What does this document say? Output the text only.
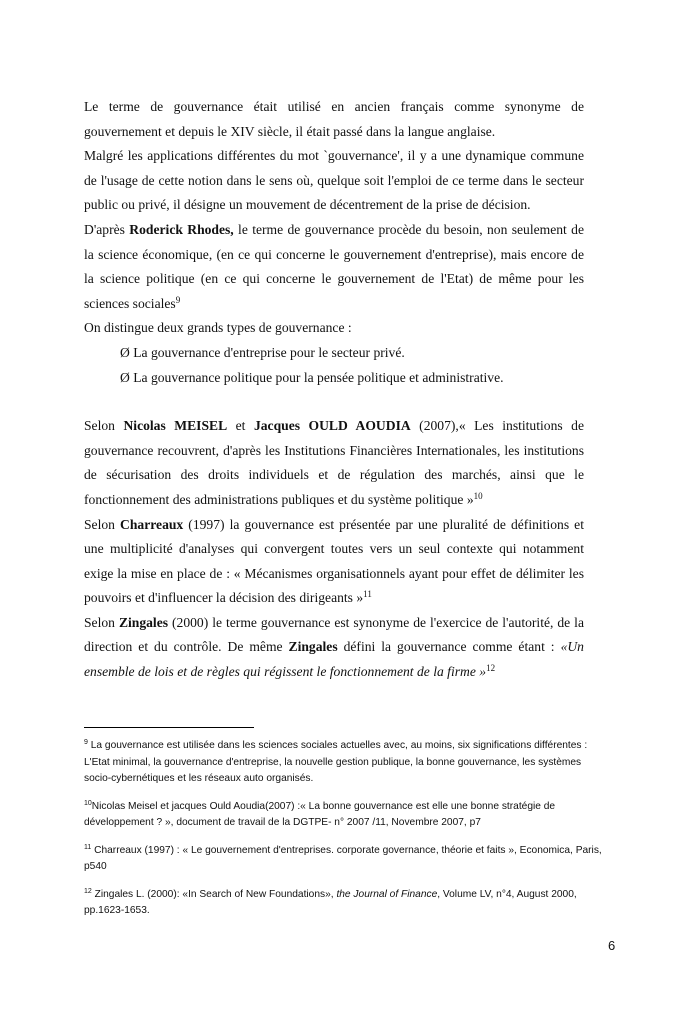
Le terme de gouvernance était utilisé en ancien français comme synonyme de gouvernement et depuis le XIV siècle, il était passé dans la langue anglaise.

Malgré les applications différentes du mot `gouvernance', il y a une dynamique commune de l'usage de cette notion dans le sens où, quelque soit l'emploi de ce terme dans le secteur public ou privé, il désigne un mouvement de décentrement de la prise de décision.

D'après Roderick Rhodes, le terme de gouvernance procède du besoin, non seulement de la science économique, (en ce qui concerne le gouvernement d'entreprise), mais encore de la science politique (en ce qui concerne le gouvernement de l'Etat) de même pour les sciences sociales$^9$

On distingue deux grands types de gouvernance :

Ø La gouvernance d'entreprise pour le secteur privé.

Ø La gouvernance politique pour la pensée politique et administrative.

Selon Nicolas MEISEL et Jacques OULD AOUDIA (2007),« Les institutions de gouvernance recouvrent, d'après les Institutions Financières Internationales, les institutions de sécurisation des droits individuels et de régulation des marchés, ainsi que le fonctionnement des administrations publiques et du système politique »$^{10}$

Selon Charreaux (1997) la gouvernance est présentée par une pluralité de définitions et une multiplicité d'analyses qui convergent toutes vers un seul contexte qui notamment exige la mise en place de : « Mécanismes organisationnels ayant pour effet de délimiter les pouvoirs et d'influencer la décision des dirigeants »$^{11}$

Selon Zingales (2000) le terme gouvernance est synonyme de l'exercice de l'autorité, de la direction et du contrôle. De même Zingales défini la gouvernance comme étant : «Un ensemble de lois et de règles qui régissent le fonctionnement de la firme »$^{12}$

$^9$ La gouvernance est utilisée dans les sciences sociales actuelles avec, au moins, six significations différentes : L'Etat minimal, la gouvernance d'entreprise, la nouvelle gestion publique, la bonne gouvernance, les systèmes socio-cybernétiques et les réseaux auto organisés.

$^{10}$Nicolas Meisel et jacques Ould Aoudia(2007) :« La bonne gouvernance est elle une bonne stratégie de développement ? », document de travail de la DGTPE- n° 2007 /11, Novembre 2007, p7

$^{11}$ Charreaux (1997) : « Le gouvernement d'entreprises. corporate governance, théorie et faits », Economica, Paris, p540

$^{12}$ Zingales L. (2000): «In Search of New Foundations», the Journal of Finance, Volume LV, n°4, August 2000, pp.1623-1653.

6
